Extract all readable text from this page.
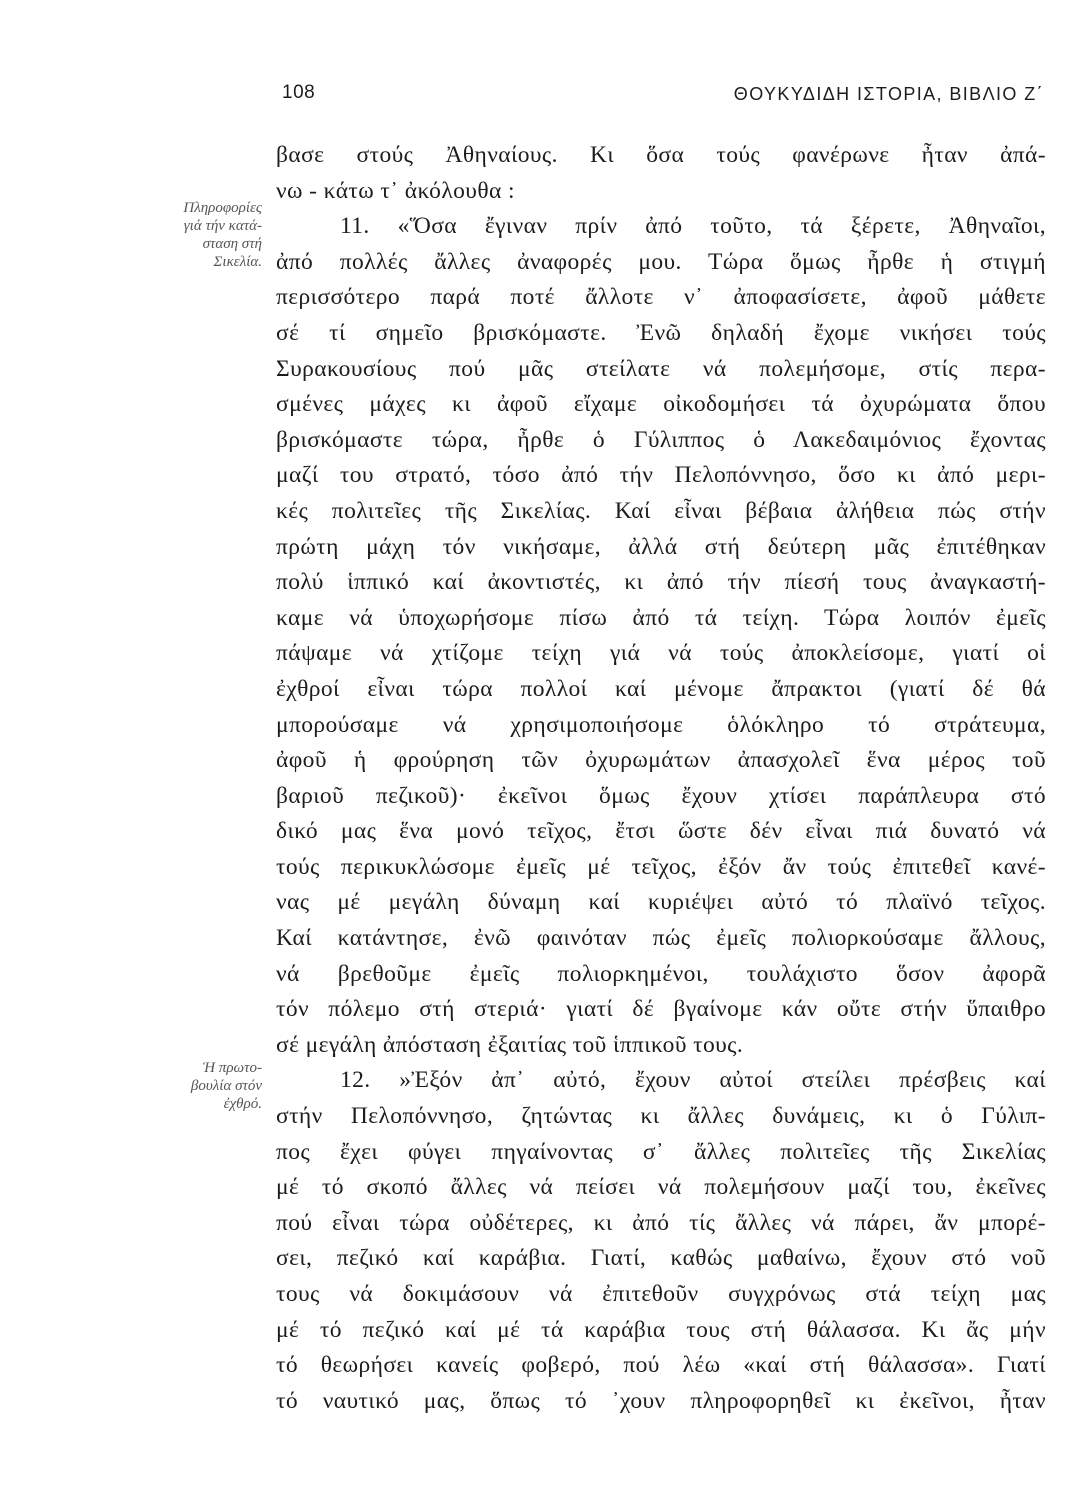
108	ΘΟΥΚΥΔΙΔΗ ΙΣΤΟΡΙΑ, ΒΙΒΛΙΟ Ζ΄
Πληροφορίες
γιά τήν κατά-
σταση στή
Σικελία.
Ἡ πρωτο-
βουλία στόν
ἐχθρό.
βασε στούς Ἀθηναίους. Κι ὅσα τούς φανέρωνε ἦταν ἀπά-
νω - κάτω τ᾽ ἀκόλουθα :
11. «Ὅσα ἔγιναν πρίν ἀπό τοῦτο, τά ξέρετε, Ἀθηναῖοι,
ἀπό πολλές ἄλλες ἀναφορές μου. Τώρα ὅμως ἦρθε ἡ στιγμή
περισσότερο παρά ποτέ ἄλλοτε ν᾽ ἀποφασίσετε, ἀφοῦ μάθετε
σέ τί σημεῖο βρισκόμαστε. Ἐνῶ δηλαδή ἔχομε νικήσει τούς
Συρακουσίους πού μᾶς στείλατε νά πολεμήσομε, στίς περα-
σμένες μάχες κι ἀφοῦ εἴχαμε οἰκοδομήσει τά ὀχυρώματα ὅπου
βρισκόμαστε τώρα, ἦρθε ὁ Γύλιππος ὁ Λακεδαιμόνιος ἔχοντας
μαζί του στρατό, τόσο ἀπό τήν Πελοπόννησο, ὅσο κι ἀπό μερι-
κές πολιτεῖες τῆς Σικελίας. Καί εἶναι βέβαια ἀλήθεια πώς στήν
πρώτη μάχη τόν νικήσαμε, ἀλλά στή δεύτερη μᾶς ἐπιτέθηκαν
πολύ ἱππικό καί ἀκοντιστές, κι ἀπό τήν πίεσή τους ἀναγκαστή-
καμε νά ὑποχωρήσομε πίσω ἀπό τά τείχη. Τώρα λοιπόν ἐμεῖς
πάψαμε νά χτίζομε τείχη γιά νά τούς ἀποκλείσομε, γιατί οἱ
ἐχθροί εἶναι τώρα πολλοί καί μένομε ἄπρακτοι (γιατί δέ θά
μπορούσαμε νά χρησιμοποιήσομε ὁλόκληρο τό στράτευμα,
ἀφοῦ ἡ φρούρηση τῶν ὀχυρωμάτων ἀπασχολεῖ ἕνα μέρος τοῦ
βαριοῦ πεζικοῦ)· ἐκεῖνοι ὅμως ἔχουν χτίσει παράπλευρα στό
δικό μας ἕνα μονό τεῖχος, ἔτσι ὥστε δέν εἶναι πιά δυνατό νά
τούς περικυκλώσομε ἐμεῖς μέ τεῖχος, ἐξόν ἄν τούς ἐπιτεθεῖ κανέ-
νας μέ μεγάλη δύναμη καί κυριέψει αὐτό τό πλαϊνό τεῖχος.
Καί κατάντησε, ἐνῶ φαινόταν πώς ἐμεῖς πολιορκούσαμε ἄλλους,
νά βρεθοῦμε ἐμεῖς πολιορκημένοι, τουλάχιστο ὅσον ἀφορᾶ
τόν πόλεμο στή στεριά· γιατί δέ βγαίνομε κάν οὔτε στήν ὕπαιθρο
σέ μεγάλη ἀπόσταση ἐξαιτίας τοῦ ἱππικοῦ τους.
12. »Ἐξόν ἀπ᾽ αὐτό, ἔχουν αὐτοί στείλει πρέσβεις καί
στήν Πελοπόννησο, ζητώντας κι ἄλλες δυνάμεις, κι ὁ Γύλιπ-
πος ἔχει φύγει πηγαίνοντας σ᾽ ἄλλες πολιτεῖες τῆς Σικελίας
μέ τό σκοπό ἄλλες νά πείσει νά πολεμήσουν μαζί του, ἐκεῖνες
πού εἶναι τώρα οὐδέτερες, κι ἀπό τίς ἄλλες νά πάρει, ἄν μπορέ-
σει, πεζικό καί καράβια. Γιατί, καθώς μαθαίνω, ἔχουν στό νοῦ
τους νά δοκιμάσουν νά ἐπιτεθοῦν συγχρόνως στά τείχη μας
μέ τό πεζικό καί μέ τά καράβια τους στή θάλασσα. Κι ἄς μήν
τό θεωρήσει κανείς φοβερό, πού λέω «καί στή θάλασσα». Γιατί
τό ναυτικό μας, ὅπως τό ᾽χουν πληροφορηθεῖ κι ἐκεῖνοι, ἦταν
